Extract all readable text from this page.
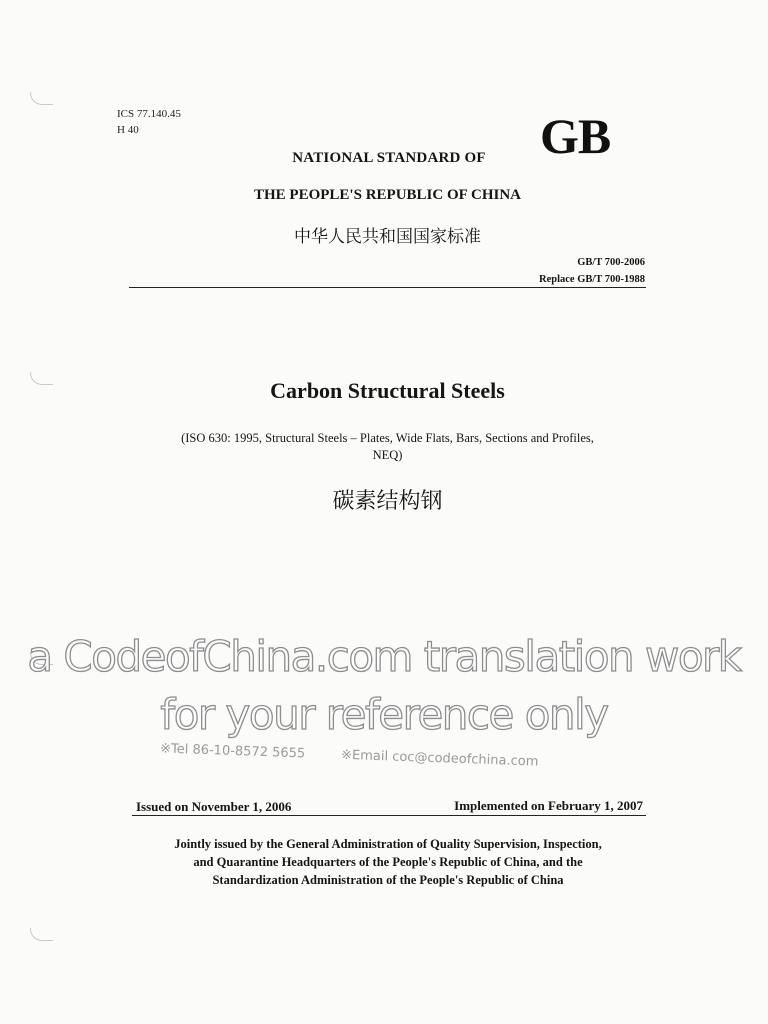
ICS 77.140.45
H 40	GB
NATIONAL STANDARD OF
THE PEOPLE'S REPUBLIC OF CHINA
中华人民共和国国家标准
GB/T 700-2006
Replace GB/T 700-1988
Carbon Structural Steels
(ISO 630: 1995, Structural Steels – Plates, Wide Flats, Bars, Sections and Profiles,
NEQ)
碳素结构钢
a CodeofChina.com translation work
for your reference only
※Tel 86-10-8572 5655	※Email coc@codeofchina.com
Issued on November 1, 2006	Implemented on February 1, 2007
Jointly issued by the General Administration of Quality Supervision, Inspection,
and Quarantine Headquarters of the People's Republic of China, and the
Standardization Administration of the People's Republic of China
